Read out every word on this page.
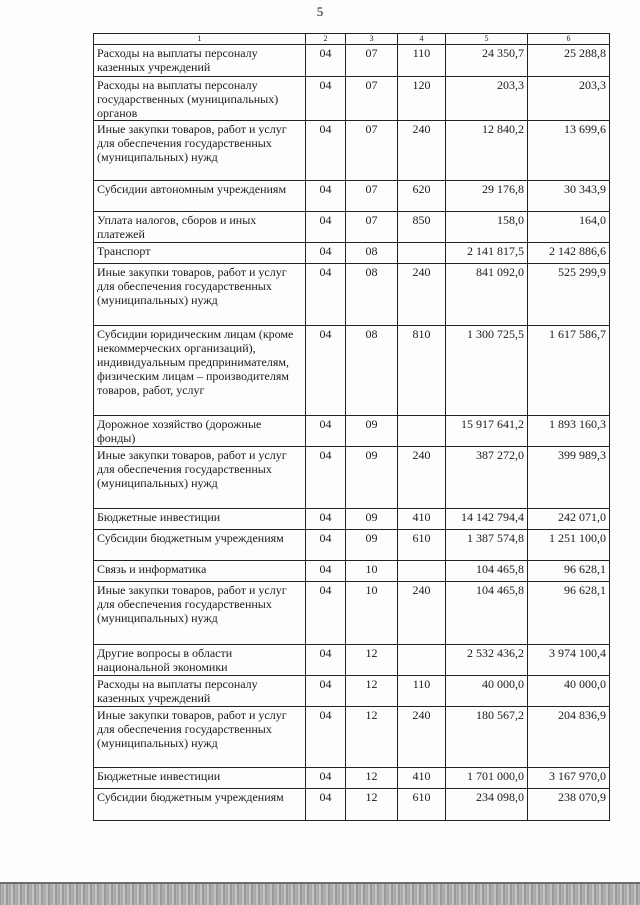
5
1	2	3	4	5	6
Расходы на выплаты персоналу казенных учреждений	04	07	110	24 350,7	25 288,8
Расходы на выплаты персоналу государственных (муниципальных) органов	04	07	120	203,3	203,3
Иные закупки товаров, работ и услуг для обеспечения государственных (муниципальных) нужд	04	07	240	12 840,2	13 699,6
Субсидии автономным учреждениям	04	07	620	29 176,8	30 343,9
Уплата налогов, сборов и иных платежей	04	07	850	158,0	164,0
Транспорт	04	08		2 141 817,5	2 142 886,6
Иные закупки товаров, работ и услуг для обеспечения государственных (муниципальных) нужд	04	08	240	841 092,0	525 299,9
Субсидии юридическим лицам (кроме некоммерческих организаций), индивидуальным предпринимателям, физическим лицам – производителям товаров, работ, услуг	04	08	810	1 300 725,5	1 617 586,7
Дорожное хозяйство (дорожные фонды)	04	09		15 917 641,2	1 893 160,3
Иные закупки товаров, работ и услуг для обеспечения государственных (муниципальных) нужд	04	09	240	387 272,0	399 989,3
Бюджетные инвестиции	04	09	410	14 142 794,4	242 071,0
Субсидии бюджетным учреждениям	04	09	610	1 387 574,8	1 251 100,0
Связь и информатика	04	10		104 465,8	96 628,1
Иные закупки товаров, работ и услуг для обеспечения государственных (муниципальных) нужд	04	10	240	104 465,8	96 628,1
Другие вопросы в области национальной экономики	04	12		2 532 436,2	3 974 100,4
Расходы на выплаты персоналу казенных учреждений	04	12	110	40 000,0	40 000,0
Иные закупки товаров, работ и услуг для обеспечения государственных (муниципальных) нужд	04	12	240	180 567,2	204 836,9
Бюджетные инвестиции	04	12	410	1 701 000,0	3 167 970,0
Субсидии бюджетным учреждениям	04	12	610	234 098,0	238 070,9
